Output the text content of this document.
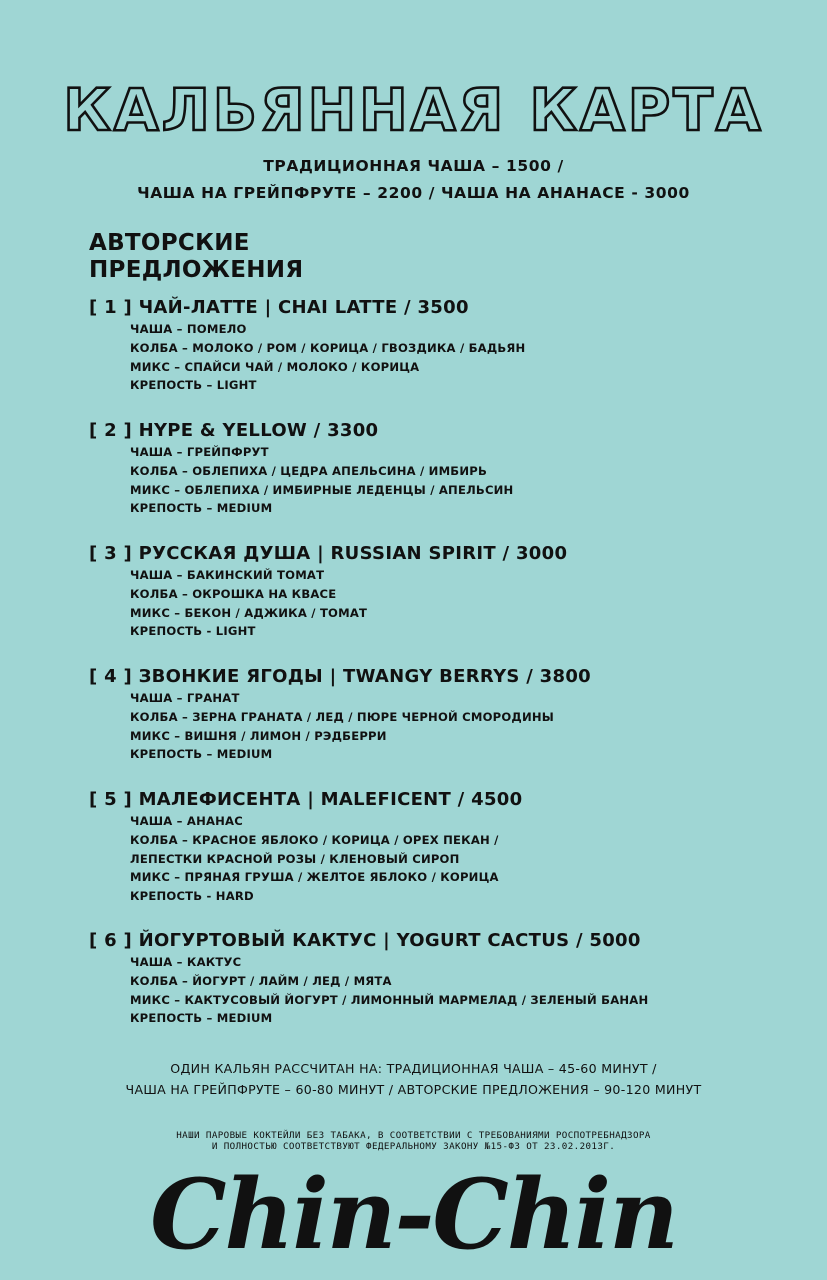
КАЛЬЯННАЯ КАРТА
ТРАДИЦИОННАЯ ЧАША – 1500 /
ЧАША НА ГРЕЙПФРУТЕ – 2200 / ЧАША НА АНАНАСЕ - 3000
АВТОРСКИЕ
ПРЕДЛОЖЕНИЯ
[ 1 ] ЧАЙ-ЛАТТЕ | CHAI LATTE / 3500
ЧАША – ПОМЕЛО
КОЛБА – МОЛОКО / РОМ / КОРИЦА / ГВОЗДИКА / БАДЬЯН
МИКС – СПАЙСИ ЧАЙ / МОЛОКО / КОРИЦА
КРЕПОСТЬ – LIGHT
[ 2 ] HYPE & YELLOW / 3300
ЧАША – ГРЕЙПФРУТ
КОЛБА – ОБЛЕПИХА / ЦЕДРА АПЕЛЬСИНА / ИМБИРЬ
МИКС – ОБЛЕПИХА / ИМБИРНЫЕ ЛЕДЕНЦЫ / АПЕЛЬСИН
КРЕПОСТЬ – MEDIUM
[ 3 ] РУССКАЯ ДУША | RUSSIAN SPIRIT / 3000
ЧАША – БАКИНСКИЙ ТОМАТ
КОЛБА – ОКРОШКА НА КВАСЕ
МИКС – БЕКОН / АДЖИКА / ТОМАТ
КРЕПОСТЬ - LIGHT
[ 4 ] ЗВОНКИЕ ЯГОДЫ | TWANGY BERRYS / 3800
ЧАША – ГРАНАТ
КОЛБА – ЗЕРНА ГРАНАТА / ЛЕД / ПЮРЕ ЧЕРНОЙ СМОРОДИНЫ
МИКС – ВИШНЯ / ЛИМОН / РЭДБЕРРИ
КРЕПОСТЬ – MEDIUM
[ 5 ] МАЛЕФИСЕНТА | MALEFICENT / 4500
ЧАША – АНАНАС
КОЛБА – КРАСНОЕ ЯБЛОКО / КОРИЦА / ОРЕХ ПЕКАН /
ЛЕПЕСТКИ КРАСНОЙ РОЗЫ / КЛЕНОВЫЙ СИРОП
МИКС – ПРЯНАЯ ГРУША / ЖЕЛТОЕ ЯБЛОКО / КОРИЦА
КРЕПОСТЬ - HARD
[ 6 ] ЙОГУРТОВЫЙ КАКТУС | YOGURT CACTUS / 5000
ЧАША – КАКТУС
КОЛБА – ЙОГУРТ / ЛАЙМ / ЛЕД / МЯТА
МИКС – КАКТУСОВЫЙ ЙОГУРТ / ЛИМОННЫЙ МАРМЕЛАД / ЗЕЛЕНЫЙ БАНАН
КРЕПОСТЬ – MEDIUM
ОДИН КАЛЬЯН РАССЧИТАН НА: ТРАДИЦИОННАЯ ЧАША – 45-60 МИНУТ /
ЧАША НА ГРЕЙПФРУТЕ – 60-80 МИНУТ / АВТОРСКИЕ ПРЕДЛОЖЕНИЯ – 90-120 МИНУТ
НАШИ ПАРОВЫЕ КОКТЕЙЛИ БЕЗ ТАБАКА, В СООТВЕТСТВИИ С ТРЕБОВАНИЯМИ РОСПОТРЕБНАДЗОРА
И ПОЛНОСТЬЮ СООТВЕТСТВУЮТ ФЕДЕРАЛЬНОМУ ЗАКОНУ №15-ФЗ ОТ 23.02.2013Г.
Chin-Chin
